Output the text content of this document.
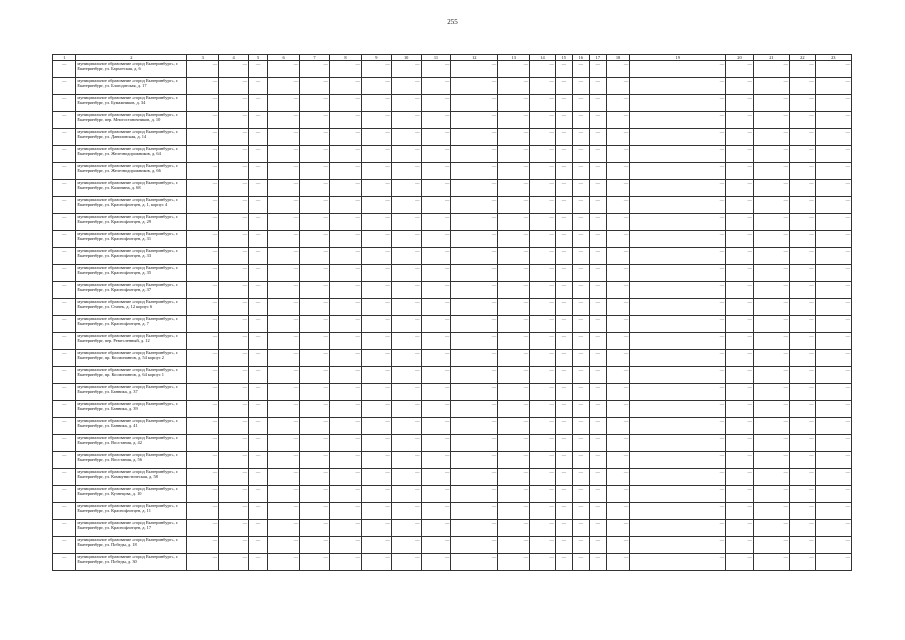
255
1	2	3	4	5	6	7	8	9	10	11	12	13	14	15	16	17	18	19	20	21	22	23
—	муниципальное образование «город Екатеринбург», г. Екатеринбург, ул. Бархотская, д. 6	—	—	—	—	—	—	—	—	—	—	—	—	—	—	—	—	—	—	—	—	—
—	муниципальное образование «город Екатеринбург», г. Екатеринбург, ул. Благодатская, д. 17	—	—	—	—	—	—	—	—	—	—	—	—	—	—	—	—	—	—	—	—	—
—	муниципальное образование «город Екатеринбург», г. Екатеринбург, ул. Бумажников, д. 34	—	—	—	—	—	—	—	—	—	—	—	—	—	—	—	—	—	—	—	—	—
—	муниципальное образование «город Екатеринбург», г. Екатеринбург, пер. Многостаночников, д. 10	—	—	—	—	—	—	—	—	—	—	—	—	—	—	—	—	—	—	—	—	—
—	муниципальное образование «город Екатеринбург», г. Екатеринбург, ул. Даниловская, д. 14	—	—	—	—	—	—	—	—	—	—	—	—	—	—	—	—	—	—	—	—	—
—	муниципальное образование «город Екатеринбург», г. Екатеринбург, ул. Железнодорожников, д. 64	—	—	—	—	—	—	—	—	—	—	—	—	—	—	—	—	—	—	—	—	—
—	муниципальное образование «город Екатеринбург», г. Екатеринбург, ул. Железнодорожников, д. 66	—	—	—	—	—	—	—	—	—	—	—	—	—	—	—	—	—	—	—	—	—
—	муниципальное образование «город Екатеринбург», г. Екатеринбург, ул. Калинина, д. 68	—	—	—	—	—	—	—	—	—	—	—	—	—	—	—	—	—	—	—	—	—
—	муниципальное образование «город Екатеринбург», г. Екатеринбург, ул. Краснофлотцев, д. 1, корпус 4	—	—	—	—	—	—	—	—	—	—	—	—	—	—	—	—	—	—	—	—	—
—	муниципальное образование «город Екатеринбург», г. Екатеринбург, ул. Краснофлотцев, д. 29	—	—	—	—	—	—	—	—	—	—	—	—	—	—	—	—	—	—	—	—	—
—	муниципальное образование «город Екатеринбург», г. Екатеринбург, ул. Краснофлотцев, д. 31	—	—	—	—	—	—	—	—	—	—	—	—	—	—	—	—	—	—	—	—	—
—	муниципальное образование «город Екатеринбург», г. Екатеринбург, ул. Краснофлотцев, д. 33	—	—	—	—	—	—	—	—	—	—	—	—	—	—	—	—	—	—	—	—	—
—	муниципальное образование «город Екатеринбург», г. Екатеринбург, ул. Краснофлотцев, д. 35	—	—	—	—	—	—	—	—	—	—	—	—	—	—	—	—	—	—	—	—	—
—	муниципальное образование «город Екатеринбург», г. Екатеринбург, ул. Краснофлотцев, д. 37	—	—	—	—	—	—	—	—	—	—	—	—	—	—	—	—	—	—	—	—	—
—	муниципальное образование «город Екатеринбург», г. Екатеринбург, ул. Стачек, д. 12 корпус 6	—	—	—	—	—	—	—	—	—	—	—	—	—	—	—	—	—	—	—	—	—
—	муниципальное образование «город Екатеринбург», г. Екатеринбург, ул. Краснофлотцев, д. 7	—	—	—	—	—	—	—	—	—	—	—	—	—	—	—	—	—	—	—	—	—
—	муниципальное образование «город Екатеринбург», г. Екатеринбург, пер. Ремесленный, д. 12	—	—	—	—	—	—	—	—	—	—	—	—	—	—	—	—	—	—	—	—	—
—	муниципальное образование «город Екатеринбург», г. Екатеринбург, пр. Космонавтов, д. 54 корпус 2	—	—	—	—	—	—	—	—	—	—	—	—	—	—	—	—	—	—	—	—	—
—	муниципальное образование «город Екатеринбург», г. Екатеринбург, пр. Космонавтов, д. 64 корпус 1	—	—	—	—	—	—	—	—	—	—	—	—	—	—	—	—	—	—	—	—	—
—	муниципальное образование «город Екатеринбург», г. Екатеринбург, ул. Банника, д. 37	—	—	—	—	—	—	—	—	—	—	—	—	—	—	—	—	—	—	—	—	—
—	муниципальное образование «город Екатеринбург», г. Екатеринбург, ул. Банника, д. 39	—	—	—	—	—	—	—	—	—	—	—	—	—	—	—	—	—	—	—	—	—
—	муниципальное образование «город Екатеринбург», г. Екатеринбург, ул. Банника, д. 41	—	—	—	—	—	—	—	—	—	—	—	—	—	—	—	—	—	—	—	—	—
—	муниципальное образование «город Екатеринбург», г. Екатеринбург, ул. Восстания, д. 42	—	—	—	—	—	—	—	—	—	—	—	—	—	—	—	—	—	—	—	—	—
—	муниципальное образование «город Екатеринбург», г. Екатеринбург, ул. Восстания, д. 56	—	—	—	—	—	—	—	—	—	—	—	—	—	—	—	—	—	—	—	—	—
—	муниципальное образование «город Екатеринбург», г. Екатеринбург, ул. Коммунистическая, д. 58	—	—	—	—	—	—	—	—	—	—	—	—	—	—	—	—	—	—	—	—	—
—	муниципальное образование «город Екатеринбург», г. Екатеринбург, ул. Кузнецова, д. 10	—	—	—	—	—	—	—	—	—	—	—	—	—	—	—	—	—	—	—	—	—
—	муниципальное образование «город Екатеринбург», г. Екатеринбург, ул. Краснофлотцев, д. 11	—	—	—	—	—	—	—	—	—	—	—	—	—	—	—	—	—	—	—	—	—
—	муниципальное образование «город Екатеринбург», г. Екатеринбург, ул. Краснофлотцев, д. 17	—	—	—	—	—	—	—	—	—	—	—	—	—	—	—	—	—	—	—	—	—
—	муниципальное образование «город Екатеринбург», г. Екатеринбург, ул. Победы, д. 18	—	—	—	—	—	—	—	—	—	—	—	—	—	—	—	—	—	—	—	—	—
—	муниципальное образование «город Екатеринбург», г. Екатеринбург, ул. Победы, д. 30	—	—	—	—	—	—	—	—	—	—	—	—	—	—	—	—	—	—	—	—	—
